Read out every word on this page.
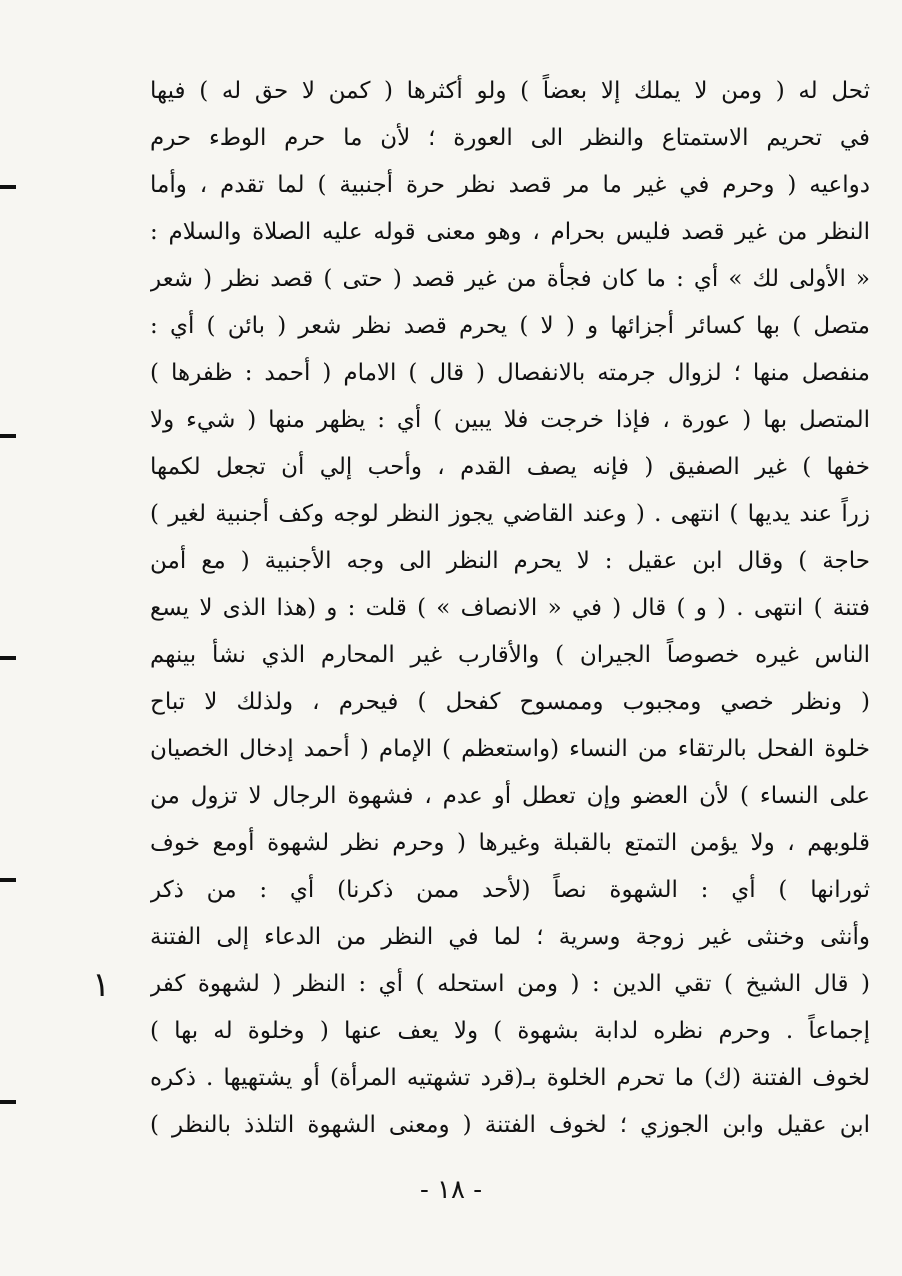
ثحل له ( ومن لا يملك إلا بعضاً ) ولو أكثرها ( كمن لا حق له ) فيها
في تحريم الاستمتاع والنظر الى العورة ؛ لأن ما حرم الوطء حرم
دواعيه ( وحرم في غير ما مر قصد نظر حرة أجنبية ) لما تقدم ، وأما
النظر من غير قصد فليس بحرام ، وهو معنى قوله عليه الصلاة والسلام :
« الأولى لك » أي : ما كان فجأة من غير قصد ( حتى ) قصد نظر ( شعر
متصل ) بها كسائر أجزائها و ( لا ) يحرم قصد نظر شعر ( بائن ) أي :
منفصل منها ؛ لزوال جرمته بالانفصال ( قال ) الامام ( أحمد : ظفرها )
المتصل بها ( عورة ، فإذا خرجت فلا يبين ) أي : يظهر منها ( شيء ولا
خفها ) غير الصفيق ( فإنه يصف القدم ، وأحب إلي أن تجعل لكمها
زراً عند يديها ) انتهى . ( وعند القاضي يجوز النظر لوجه وكف أجنبية لغير )
حاجة ) وقال ابن عقيل : لا يحرم النظر الى وجه الأجنبية ( مع أمن
فتنة ) انتهى . ( و ) قال ( في « الانصاف » ) قلت : و (هذا الذى لا يسع
الناس غيره خصوصاً الجيران ) والأقارب غير المحارم الذي نشأ بينهم
( ونظر خصي ومجبوب وممسوح كفحل ) فيحرم ، ولذلك لا تباح
خلوة الفحل بالرتقاء من النساء (واستعظم ) الإمام ( أحمد إدخال الخصيان
على النساء ) لأن العضو وإن تعطل أو عدم ، فشهوة الرجال لا تزول من
قلوبهم ، ولا يؤمن التمتع بالقبلة وغيرها ( وحرم نظر لشهوة أومع خوف
ثورانها ) أي : الشهوة نصاً (لأحد ممن ذكرنا) أي : من ذكر
وأنثى وخنثى غير زوجة وسرية ؛ لما في النظر من الدعاء إلى الفتنة
( قال الشيخ ) تقي الدين : ( ومن استحله ) أي : النظر ( لشهوة كفر
إجماعاً . وحرم نظره لدابة بشهوة ) ولا يعف عنها ( وخلوة له بها )
لخوف الفتنة (ك) ما تحرم الخلوة بـ(قرد تشهتيه المرأة) أو يشتهيها . ذكره
ابن عقيل وابن الجوزي ؛ لخوف الفتنة ( ومعنى الشهوة التلذذ بالنظر )
- ١٨ -
١
